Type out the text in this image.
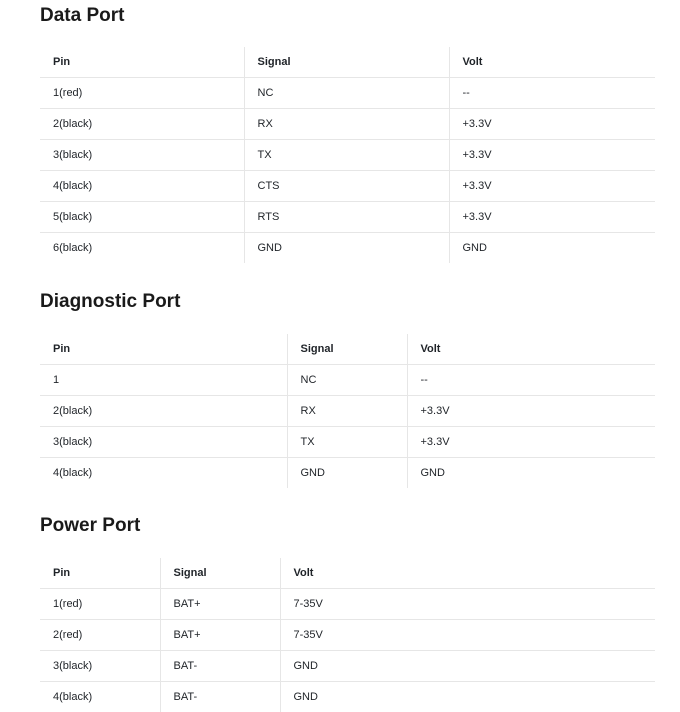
Data Port
Pin	Signal	Volt
1(red)	NC	--
2(black)	RX	+3.3V
3(black)	TX	+3.3V
4(black)	CTS	+3.3V
5(black)	RTS	+3.3V
6(black)	GND	GND
Diagnostic Port
Pin	Signal	Volt
1	NC	--
2(black)	RX	+3.3V
3(black)	TX	+3.3V
4(black)	GND	GND
Power Port
Pin	Signal	Volt
1(red)	BAT+	7-35V
2(red)	BAT+	7-35V
3(black)	BAT-	GND
4(black)	BAT-	GND
